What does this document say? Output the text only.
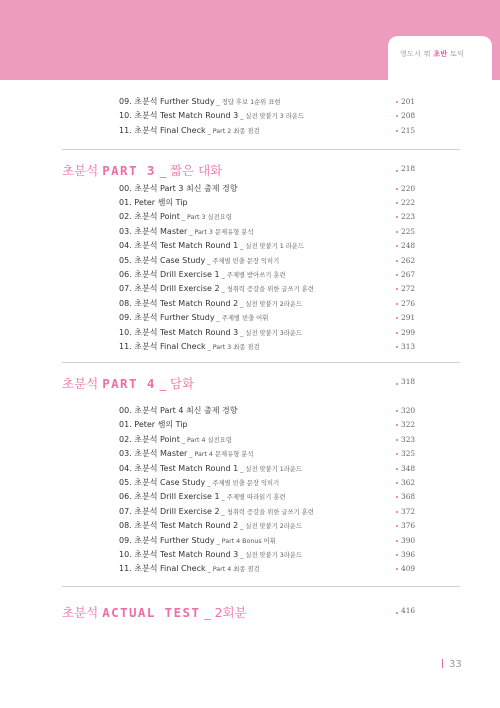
영도시 뭐 초반 토익
09. 초분석 Further Study _ 정답 후보 1순위 표현	201
10. 초분석 Test Match Round 3 _ 실전 맞붙기 3 라운드	208
11. 초분석 Final Check _ Part 2 최종 점검	215
초분석 PART 3 _ 짧은 대화	218
00. 초분석 Part 3 최신 출제 경향	220
01. Peter 쌤의 Tip	222
02. 초분석 Point _ Part 3 실전요령	223
03. 초분석 Master _ Part 3 문제유형 분석	225
04. 초분석 Test Match Round 1 _ 실전 맞붙기 1 라운드	248
05. 초분석 Case Study _ 주제별 빈출 문장 익히기	262
06. 초분석 Drill Exercise 1 _ 주제별 받아쓰기 훈련	267
07. 초분석 Drill Exercise 2 _ 청취력 증강을 위한 글쓰기 훈련	272
08. 초분석 Test Match Round 2 _ 실전 맞붙기 2라운드	276
09. 초분석 Further Study _ 주제별 빈출 어휘	291
10. 초분석 Test Match Round 3 _ 실전 맞붙기 3라운드	299
11. 초분석 Final Check _ Part 3 최종 점검	313
초분석 PART 4 _ 담화	318
00. 초분석 Part 4 최신 출제 경향	320
01. Peter 쌤의 Tip	322
02. 초분석 Point _ Part 4 실전요령	323
03. 초분석 Master _ Part 4 문제유형 분석	325
04. 초분석 Test Match Round 1 _ 실전 맞붙기 1라운드	348
05. 초분석 Case Study _ 주제별 빈출 문장 익히기	362
06. 초분석 Drill Exercise 1 _ 주제별 따라읽기 훈련	368
07. 초분석 Drill Exercise 2 _ 청취력 증강을 위한 글쓰기 훈련	372
08. 초분석 Test Match Round 2 _ 실전 맞붙기 2라운드	376
09. 초분석 Further Study _ Part 4 Bonus 어휘	390
10. 초분석 Test Match Round 3 _ 실전 맞붙기 3라운드	396
11. 초분석 Final Check _ Part 4 최종 점검	409
초분석 ACTUAL TEST _ 2회분	416
33
